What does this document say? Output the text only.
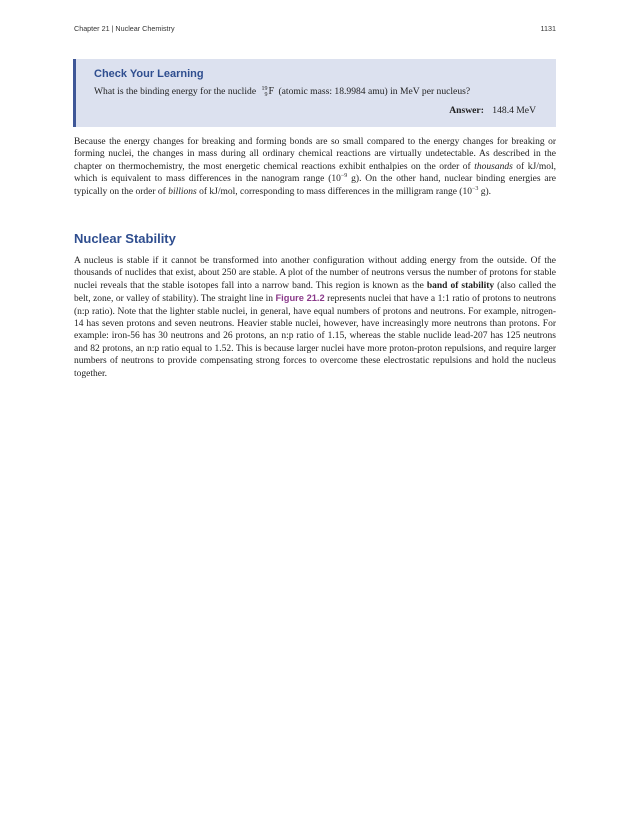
Chapter 21 | Nuclear Chemistry	1131
Check Your Learning
What is the binding energy for the nuclide 19
9 F (atomic mass: 18.9984 amu) in MeV per nucleus?
Answer: 148.4 MeV

Because the energy changes for breaking and forming bonds are so small compared to the energy changes for breaking or forming nuclei, the changes in mass during all ordinary chemical reactions are virtually undetectable. As described in the chapter on thermochemistry, the most energetic chemical reactions exhibit enthalpies on the order of thousands of kJ/mol, which is equivalent to mass differences in the nanogram range ($10^{-9}$ g). On the other hand, nuclear binding energies are typically on the order of billions of kJ/mol, corresponding to mass differences in the milligram range ($10^{-3}$ g).

Nuclear Stability

A nucleus is stable if it cannot be transformed into another configuration without adding energy from the outside. Of the thousands of nuclides that exist, about 250 are stable. A plot of the number of neutrons versus the number of protons for stable nuclei reveals that the stable isotopes fall into a narrow band. This region is known as the band of stability (also called the belt, zone, or valley of stability). The straight line in Figure 21.2 represents nuclei that have a 1:1 ratio of protons to neutrons (n:p ratio). Note that the lighter stable nuclei, in general, have equal numbers of protons and neutrons. For example, nitrogen-14 has seven protons and seven neutrons. Heavier stable nuclei, however, have increasingly more neutrons than protons. For example: iron-56 has 30 neutrons and 26 protons, an n:p ratio of 1.15, whereas the stable nuclide lead-207 has 125 neutrons and 82 protons, an n:p ratio equal to 1.52. This is because larger nuclei have more proton-proton repulsions, and require larger numbers of neutrons to provide compensating strong forces to overcome these electrostatic repulsions and hold the nucleus together.
